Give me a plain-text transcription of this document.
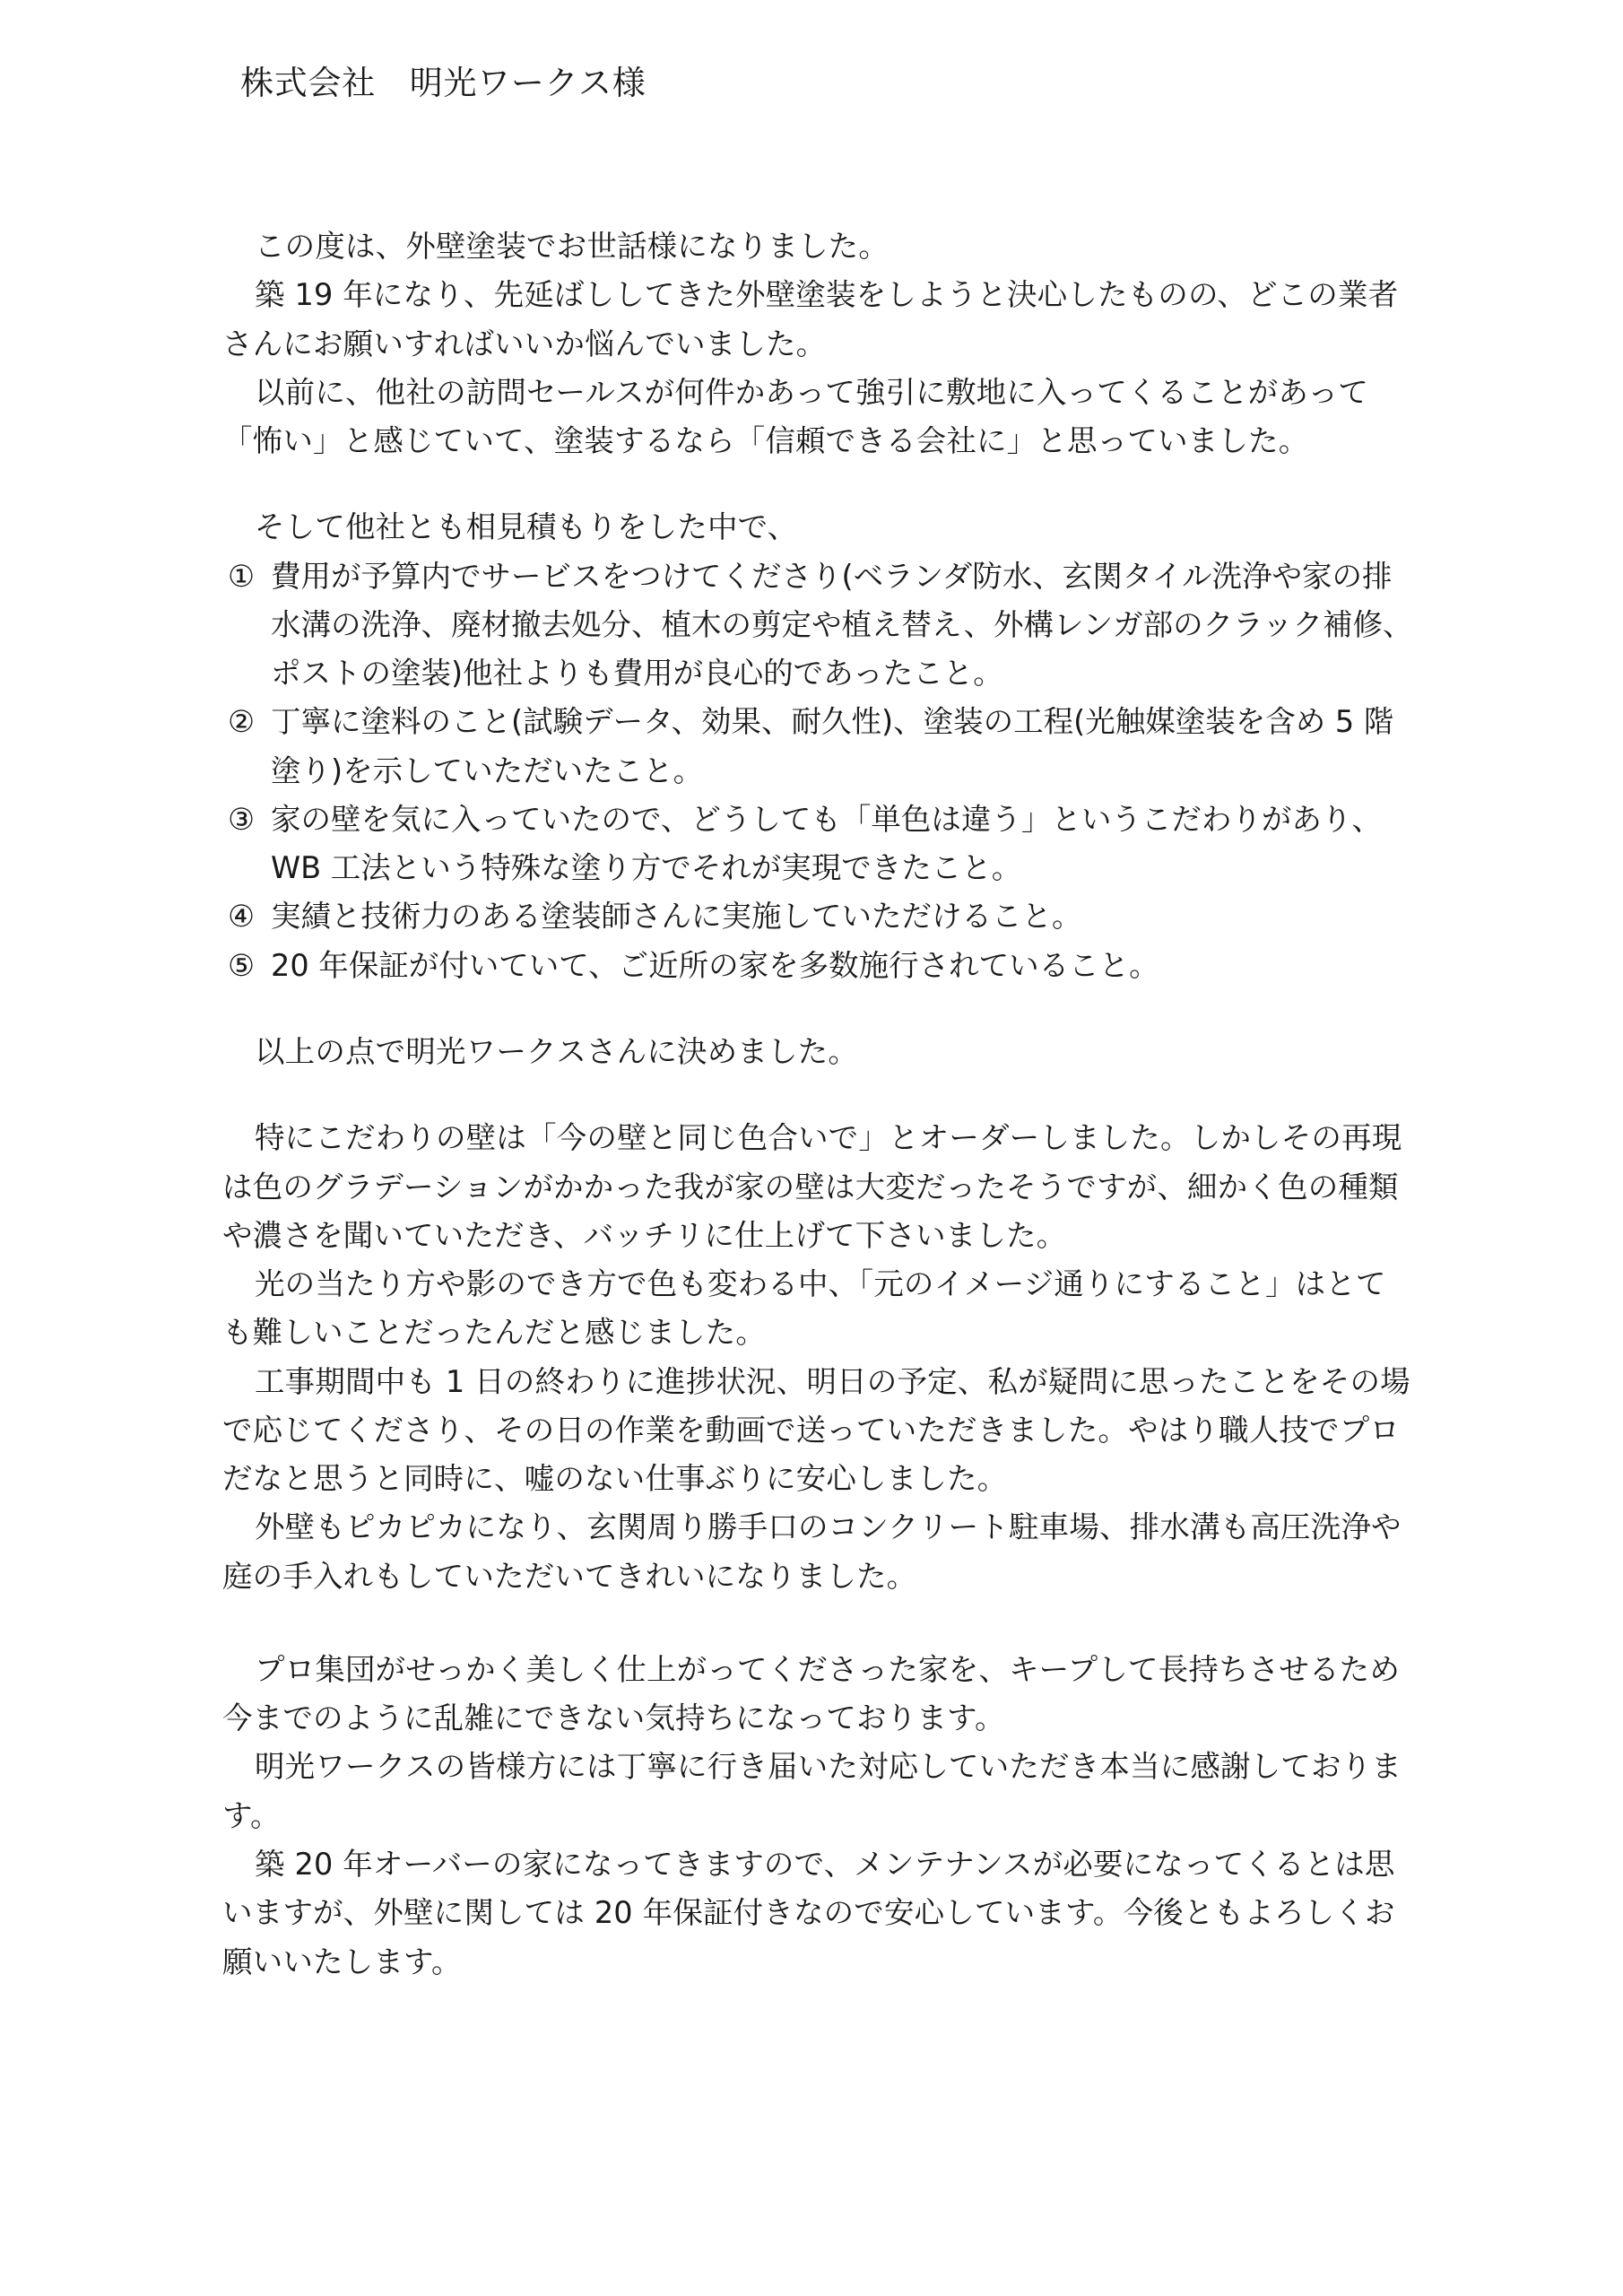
株式会社　明光ワークス様

この度は、外壁塗装でお世話様になりました。

築 19 年になり、先延ばししてきた外壁塗装をしようと決心したものの、どこの業者さんにお願いすればいいか悩んでいました。

以前に、他社の訪問セールスが何件かあって強引に敷地に入ってくることがあって「怖い」と感じていて、塗装するなら「信頼できる会社に」と思っていました。

そして他社とも相見積もりをした中で、

① 費用が予算内でサービスをつけてくださり(ベランダ防水、玄関タイル洗浄や家の排水溝の洗浄、廃材撤去処分、植木の剪定や植え替え、外構レンガ部のクラック補修、ポストの塗装)他社よりも費用が良心的であったこと。
② 丁寧に塗料のこと(試験データ、効果、耐久性)、塗装の工程(光触媒塗装を含め 5 階塗り)を示していただいたこと。
③ 家の壁を気に入っていたので、どうしても「単色は違う」というこだわりがあり、WB 工法という特殊な塗り方でそれが実現できたこと。
④ 実績と技術力のある塗装師さんに実施していただけること。
⑤ 20 年保証が付いていて、ご近所の家を多数施行されていること。

以上の点で明光ワークスさんに決めました。

特にこだわりの壁は「今の壁と同じ色合いで」とオーダーしました。しかしその再現は色のグラデーションがかかった我が家の壁は大変だったそうですが、細かく色の種類や濃さを聞いていただき、バッチリに仕上げて下さいました。

光の当たり方や影のでき方で色も変わる中、「元のイメージ通りにすること」はとても難しいことだったんだと感じました。

工事期間中も 1 日の終わりに進捗状況、明日の予定、私が疑問に思ったことをその場で応じてくださり、その日の作業を動画で送っていただきました。やはり職人技でプロだなと思うと同時に、嘘のない仕事ぶりに安心しました。

外壁もピカピカになり、玄関周り勝手口のコンクリート駐車場、排水溝も高圧洗浄や庭の手入れもしていただいてきれいになりました。

プロ集団がせっかく美しく仕上がってくださった家を、キープして長持ちさせるため今までのように乱雑にできない気持ちになっております。

明光ワークスの皆様方には丁寧に行き届いた対応していただき本当に感謝しております。

築 20 年オーバーの家になってきますので、メンテナンスが必要になってくるとは思いますが、外壁に関しては 20 年保証付きなので安心しています。今後ともよろしくお願いいたします。
